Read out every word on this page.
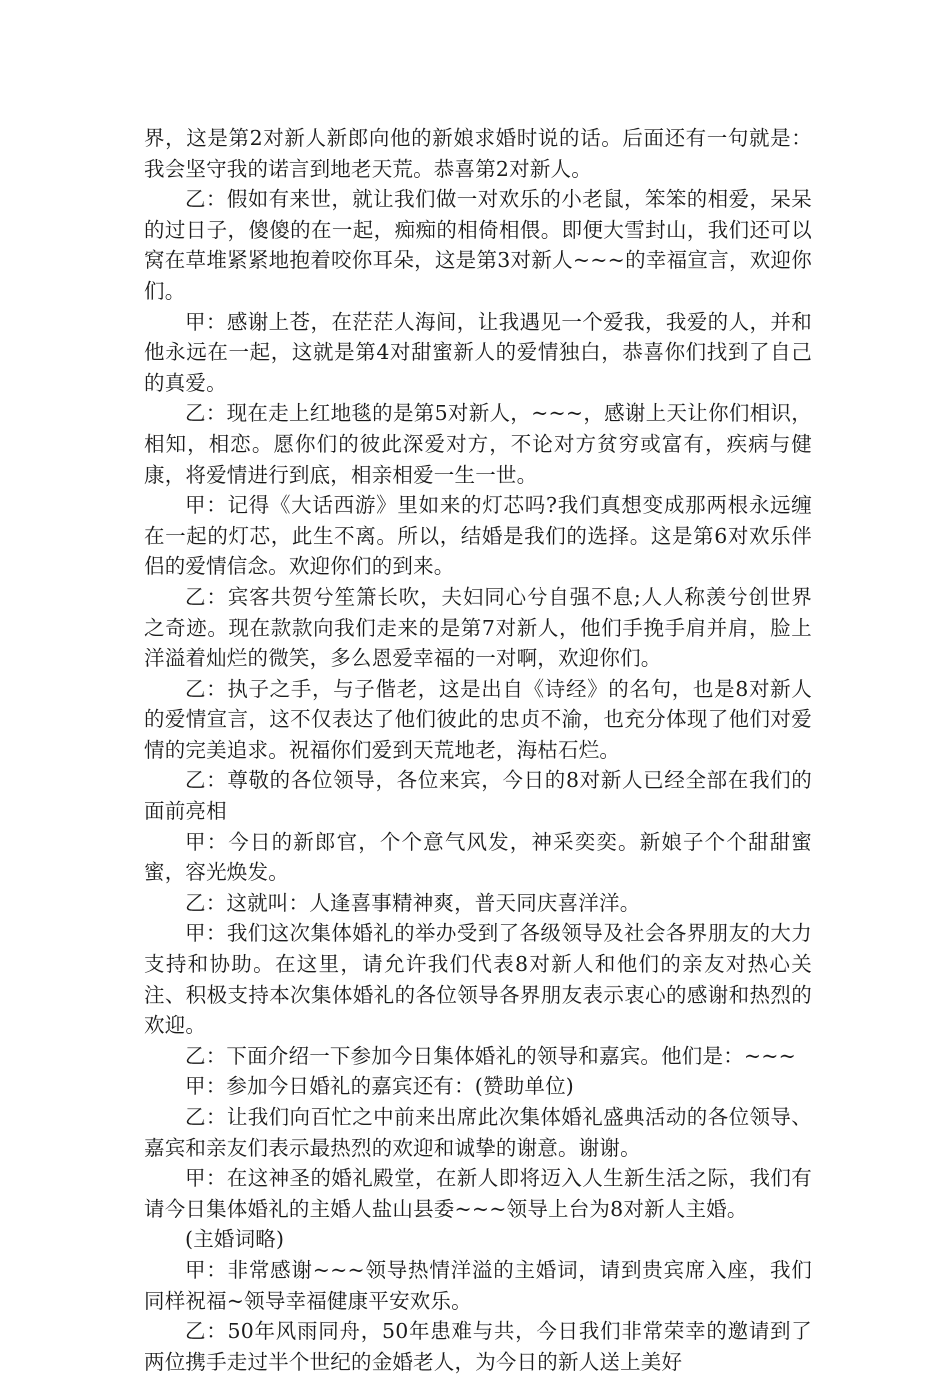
界，这是第2对新人新郎向他的新娘求婚时说的话。后面还有一句就是：我会坚守我的诺言到地老天荒。恭喜第2对新人。

乙：假如有来世，就让我们做一对欢乐的小老鼠，笨笨的相爱，呆呆的过日子，傻傻的在一起，痴痴的相倚相偎。即便大雪封山，我们还可以窝在草堆紧紧地抱着咬你耳朵，这是第3对新人~~~的幸福宣言，欢迎你们。

甲：感谢上苍，在茫茫人海间，让我遇见一个爱我，我爱的人，并和他永远在一起，这就是第4对甜蜜新人的爱情独白，恭喜你们找到了自己的真爱。

乙：现在走上红地毯的是第5对新人，~~~，感谢上天让你们相识，相知，相恋。愿你们的彼此深爱对方，不论对方贫穷或富有，疾病与健康，将爱情进行到底，相亲相爱一生一世。

甲：记得《大话西游》里如来的灯芯吗?我们真想变成那两根永远缠在一起的灯芯，此生不离。所以，结婚是我们的选择。这是第6对欢乐伴侣的爱情信念。欢迎你们的到来。

乙：宾客共贺兮笙箫长吹，夫妇同心兮自强不息;人人称羡兮创世界之奇迹。现在款款向我们走来的是第7对新人，他们手挽手肩并肩，脸上洋溢着灿烂的微笑，多么恩爱幸福的一对啊，欢迎你们。

乙：执子之手，与子偕老，这是出自《诗经》的名句，也是8对新人的爱情宣言，这不仅表达了他们彼此的忠贞不渝，也充分体现了他们对爱情的完美追求。祝福你们爱到天荒地老，海枯石烂。

乙：尊敬的各位领导，各位来宾，今日的8对新人已经全部在我们的面前亮相

甲：今日的新郎官，个个意气风发，神采奕奕。新娘子个个甜甜蜜蜜，容光焕发。

乙：这就叫：人逢喜事精神爽，普天同庆喜洋洋。

甲：我们这次集体婚礼的举办受到了各级领导及社会各界朋友的大力支持和协助。在这里，请允许我们代表8对新人和他们的亲友对热心关注、积极支持本次集体婚礼的各位领导各界朋友表示衷心的感谢和热烈的欢迎。

乙：下面介绍一下参加今日集体婚礼的领导和嘉宾。他们是：~~~

甲：参加今日婚礼的嘉宾还有：(赞助单位)

乙：让我们向百忙之中前来出席此次集体婚礼盛典活动的各位领导、嘉宾和亲友们表示最热烈的欢迎和诚挚的谢意。谢谢。

甲：在这神圣的婚礼殿堂，在新人即将迈入人生新生活之际，我们有请今日集体婚礼的主婚人盐山县委~~~领导上台为8对新人主婚。

(主婚词略)

甲：非常感谢~~~领导热情洋溢的主婚词，请到贵宾席入座，我们同样祝福~领导幸福健康平安欢乐。

乙：50年风雨同舟，50年患难与共，今日我们非常荣幸的邀请到了两位携手走过半个世纪的金婚老人，为今日的新人送上美好
